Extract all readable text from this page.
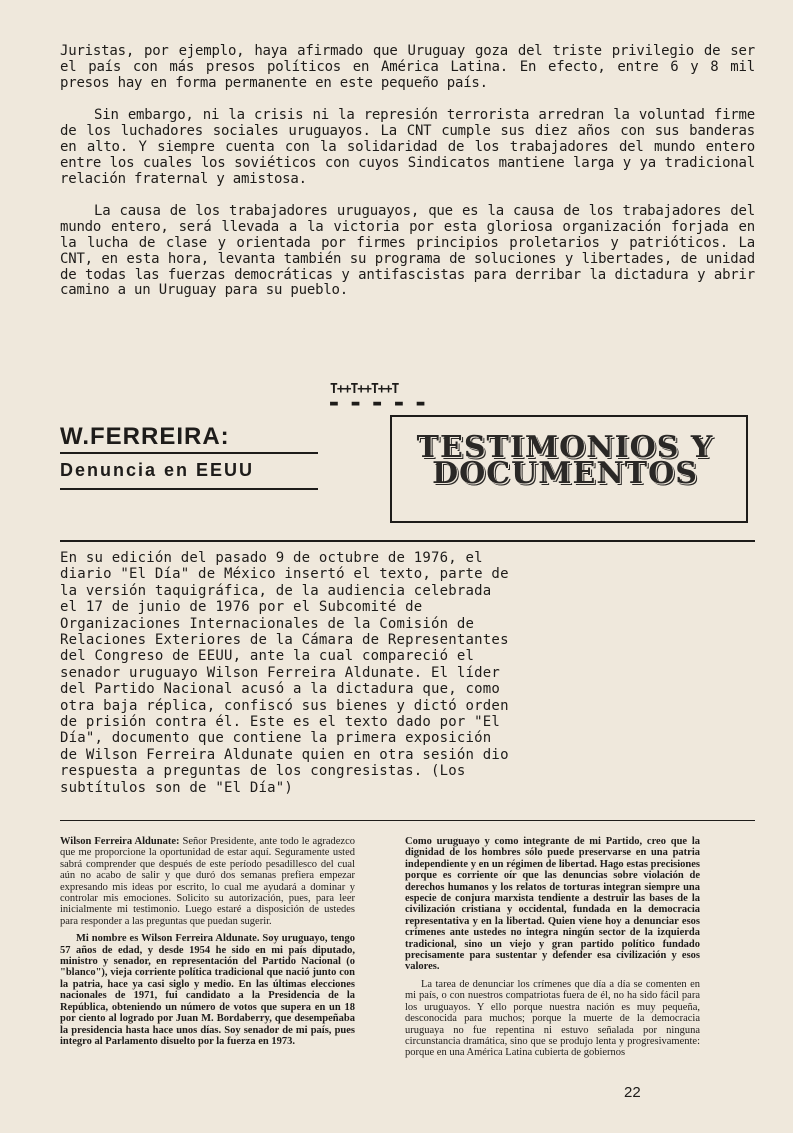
Juristas, por ejemplo, haya afirmado que Uruguay goza del triste privilegio de ser el país con más presos políticos en América Latina. En efecto, entre 6 y 8 mil presos hay en forma permanente en este pequeño país.

Sin embargo, ni la crisis ni la represión terrorista arredran la voluntad firme de los luchadores sociales uruguayos. La CNT cumple sus diez años con sus banderas en alto. Y siempre cuenta con la solidaridad de los trabajadores del mundo entero entre los cuales los soviéticos con cuyos Sindicatos mantiene larga y ya tradicional relación fraternal y amistosa.

La causa de los trabajadores uruguayos, que es la causa de los trabajadores del mundo entero, será llevada a la victoria por esta gloriosa organización forjada en la lucha de clase y orientada por firmes principios proletarios y patrióticos. La CNT, en esta hora, levanta también su programa de soluciones y libertades, de unidad de todas las fuerzas democráticas y antifascistas para derribar la dictadura y abrir camino a un Uruguay para su pueblo.

T++T++T++T
▬ ▬ ▬ ▬ ▬
W.FERREIRA:
Denuncia en EEUU
TESTIMONIOS Y
DOCUMENTOS
En su edición del pasado 9 de octubre de 1976, el diario "El Día" de México insertó el texto, parte de la versión taquigráfica, de la audiencia celebrada el 17 de junio de 1976 por el Subcomité de Organizaciones Internacionales de la Comisión de Relaciones Exteriores de la Cámara de Representantes del Congreso de EEUU, ante la cual compareció el senador uruguayo Wilson Ferreira Aldunate. El líder del Partido Nacional acusó a la dictadura que, como otra baja réplica, confiscó sus bienes y dictó orden de prisión contra él. Este es el texto dado por "El Día", documento que contiene la primera exposición de Wilson Ferreira Aldunate quien en otra sesión dio respuesta a preguntas de los congresistas. (Los subtítulos son de "El Día")

Wilson Ferreira Aldunate: Señor Presidente, ante todo le agradezco que me proporcione la oportunidad de estar aquí. Seguramente usted sabrá comprender que después de este período pesadillesco del cual aún no acabo de salir y que duró dos semanas prefiera empezar expresando mis ideas por escrito, lo cual me ayudará a dominar y controlar mis emociones. Solicito su autorización, pues, para leer inicialmente mi testimonio. Luego estaré a disposición de ustedes para responder a las preguntas que puedan sugerir.

Mi nombre es Wilson Ferreira Aldunate. Soy uruguayo, tengo 57 años de edad, y desde 1954 he sido en mi país diputado, ministro y senador, en representación del Partido Nacional (o "blanco"), vieja corriente política tradicional que nació junto con la patria, hace ya casi siglo y medio. En las últimas elecciones nacionales de 1971, fui candidato a la Presidencia de la República, obteniendo un número de votos que supera en un 18 por ciento al logrado por Juan M. Bordaberry, que desempeñaba la presidencia hasta hace unos días. Soy senador de mi país, pues integro al Parlamento disuelto por la fuerza en 1973.

Como uruguayo y como integrante de mi Partido, creo que la dignidad de los hombres sólo puede preservarse en una patria independiente y en un régimen de libertad. Hago estas precisiones porque es corriente oír que las denuncias sobre violación de derechos humanos y los relatos de torturas integran siempre una especie de conjura marxista tendiente a destruir las bases de la civilización cristiana y occidental, fundada en la democracia representativa y en la libertad. Quien viene hoy a denunciar esos crímenes ante ustedes no integra ningún sector de la izquierda tradicional, sino un viejo y gran partido político fundado precisamente para sustentar y defender esa civilización y esos valores.

La tarea de denunciar los crímenes que día a día se comenten en mi país, o con nuestros compatriotas fuera de él, no ha sido fácil para los uruguayos. Y ello porque nuestra nación es muy pequeña, desconocida para muchos; porque la muerte de la democracia uruguaya no fue repentina ni estuvo señalada por ninguna circunstancia dramática, sino que se produjo lenta y progresivamente: porque en una América Latina cubierta de gobiernos

22
